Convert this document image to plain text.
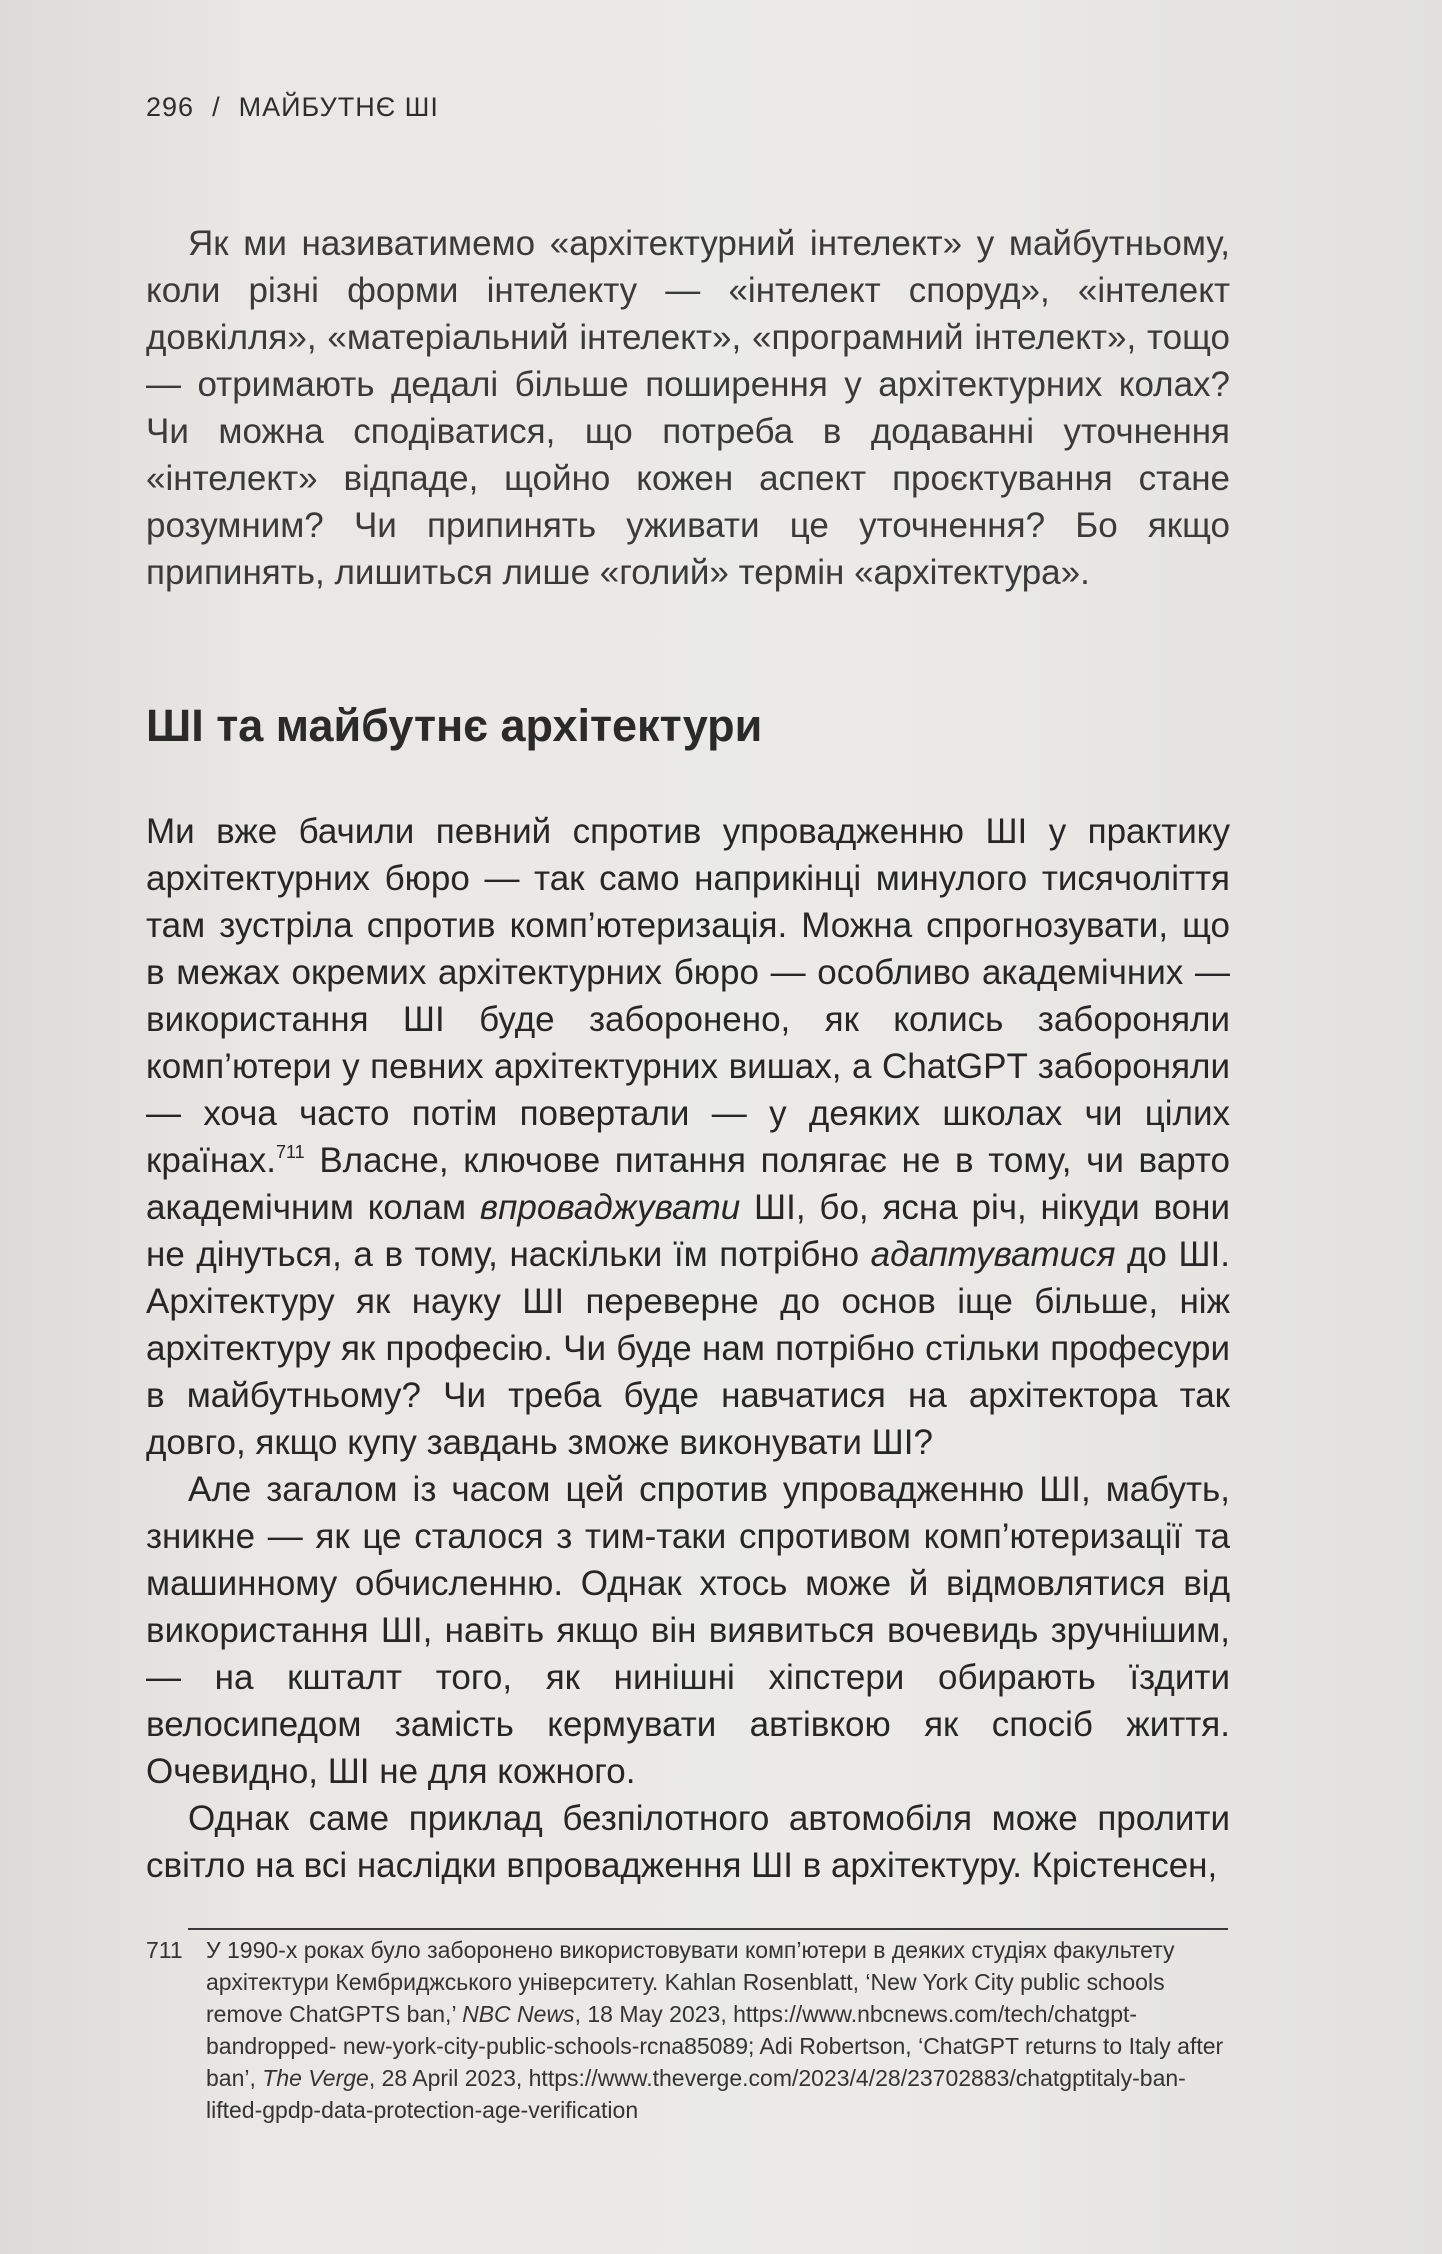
296 / МАЙБУТНЄ ШІ

Як ми називатимемо «архітектурний інтелект» у майбутньому, коли різні форми інтелекту — «інтелект споруд», «інтелект довкілля», «матеріальний інтелект», «програмний інтелект», тощо — отримають дедалі більше поширення у архітектурних колах? Чи можна сподіватися, що потреба в додаванні уточнення «інтелект» відпаде, щойно кожен аспект проєктування стане розумним? Чи припинять уживати це уточнення? Бо якщо припинять, лишиться лише «голий» термін «архітектура».

ШІ та майбутнє архітектури

Ми вже бачили певний спротив упровадженню ШІ у практику архітектурних бюро — так само наприкінці минулого тисячоліття там зустріла спротив комп’ютеризація. Можна спрогнозувати, що в межах окремих архітектурних бюро — особливо академічних — використання ШІ буде заборонено, як колись забороняли комп’ютери у певних архітектурних вишах, а ChatGPT забороняли — хоча часто потім повертали — у деяких школах чи цілих країнах.$^{711}$ Власне, ключове питання полягає не в тому, чи варто академічним колам впроваджувати ШІ, бо, ясна річ, нікуди вони не дінуться, а в тому, наскільки їм потрібно адаптуватися до ШІ. Архітектуру як науку ШІ переверне до основ іще більше, ніж архітектуру як професію. Чи буде нам потрібно стільки професури в майбутньому? Чи треба буде навчатися на архітектора так довго, якщо купу завдань зможе виконувати ШІ?

Але загалом із часом цей спротив упровадженню ШІ, мабуть, зникне — як це сталося з тим-таки спротивом комп’ютеризації та машинному обчисленню. Однак хтось може й відмовлятися від використання ШІ, навіть якщо він виявиться вочевидь зручнішим, — на кшталт того, як нинішні хіпстери обирають їздити велосипедом замість кермувати автівкою як спосіб життя. Очевидно, ШІ не для кожного.

Однак саме приклад безпілотного автомобіля може пролити світло на всі наслідки впровадження ШІ в архітектуру. Крістенсен,

711 У 1990-х роках було заборонено використовувати комп’ютери в деяких студіях факультету архітектури Кембриджського університету. Kahlan Rosenblatt, ‘New York City public schools remove ChatGPTS ban,’ NBC News, 18 May 2023, https://www.nbcnews.com/tech/chatgpt-bandropped- new-york-city-public-schools-rcna85089; Adi Robertson, ‘ChatGPT returns to Italy after ban’, The Verge, 28 April 2023, https://www.theverge.com/2023/4/28/23702883/chatgptitaly-ban-lifted-gpdp-data-protection-age-verification
